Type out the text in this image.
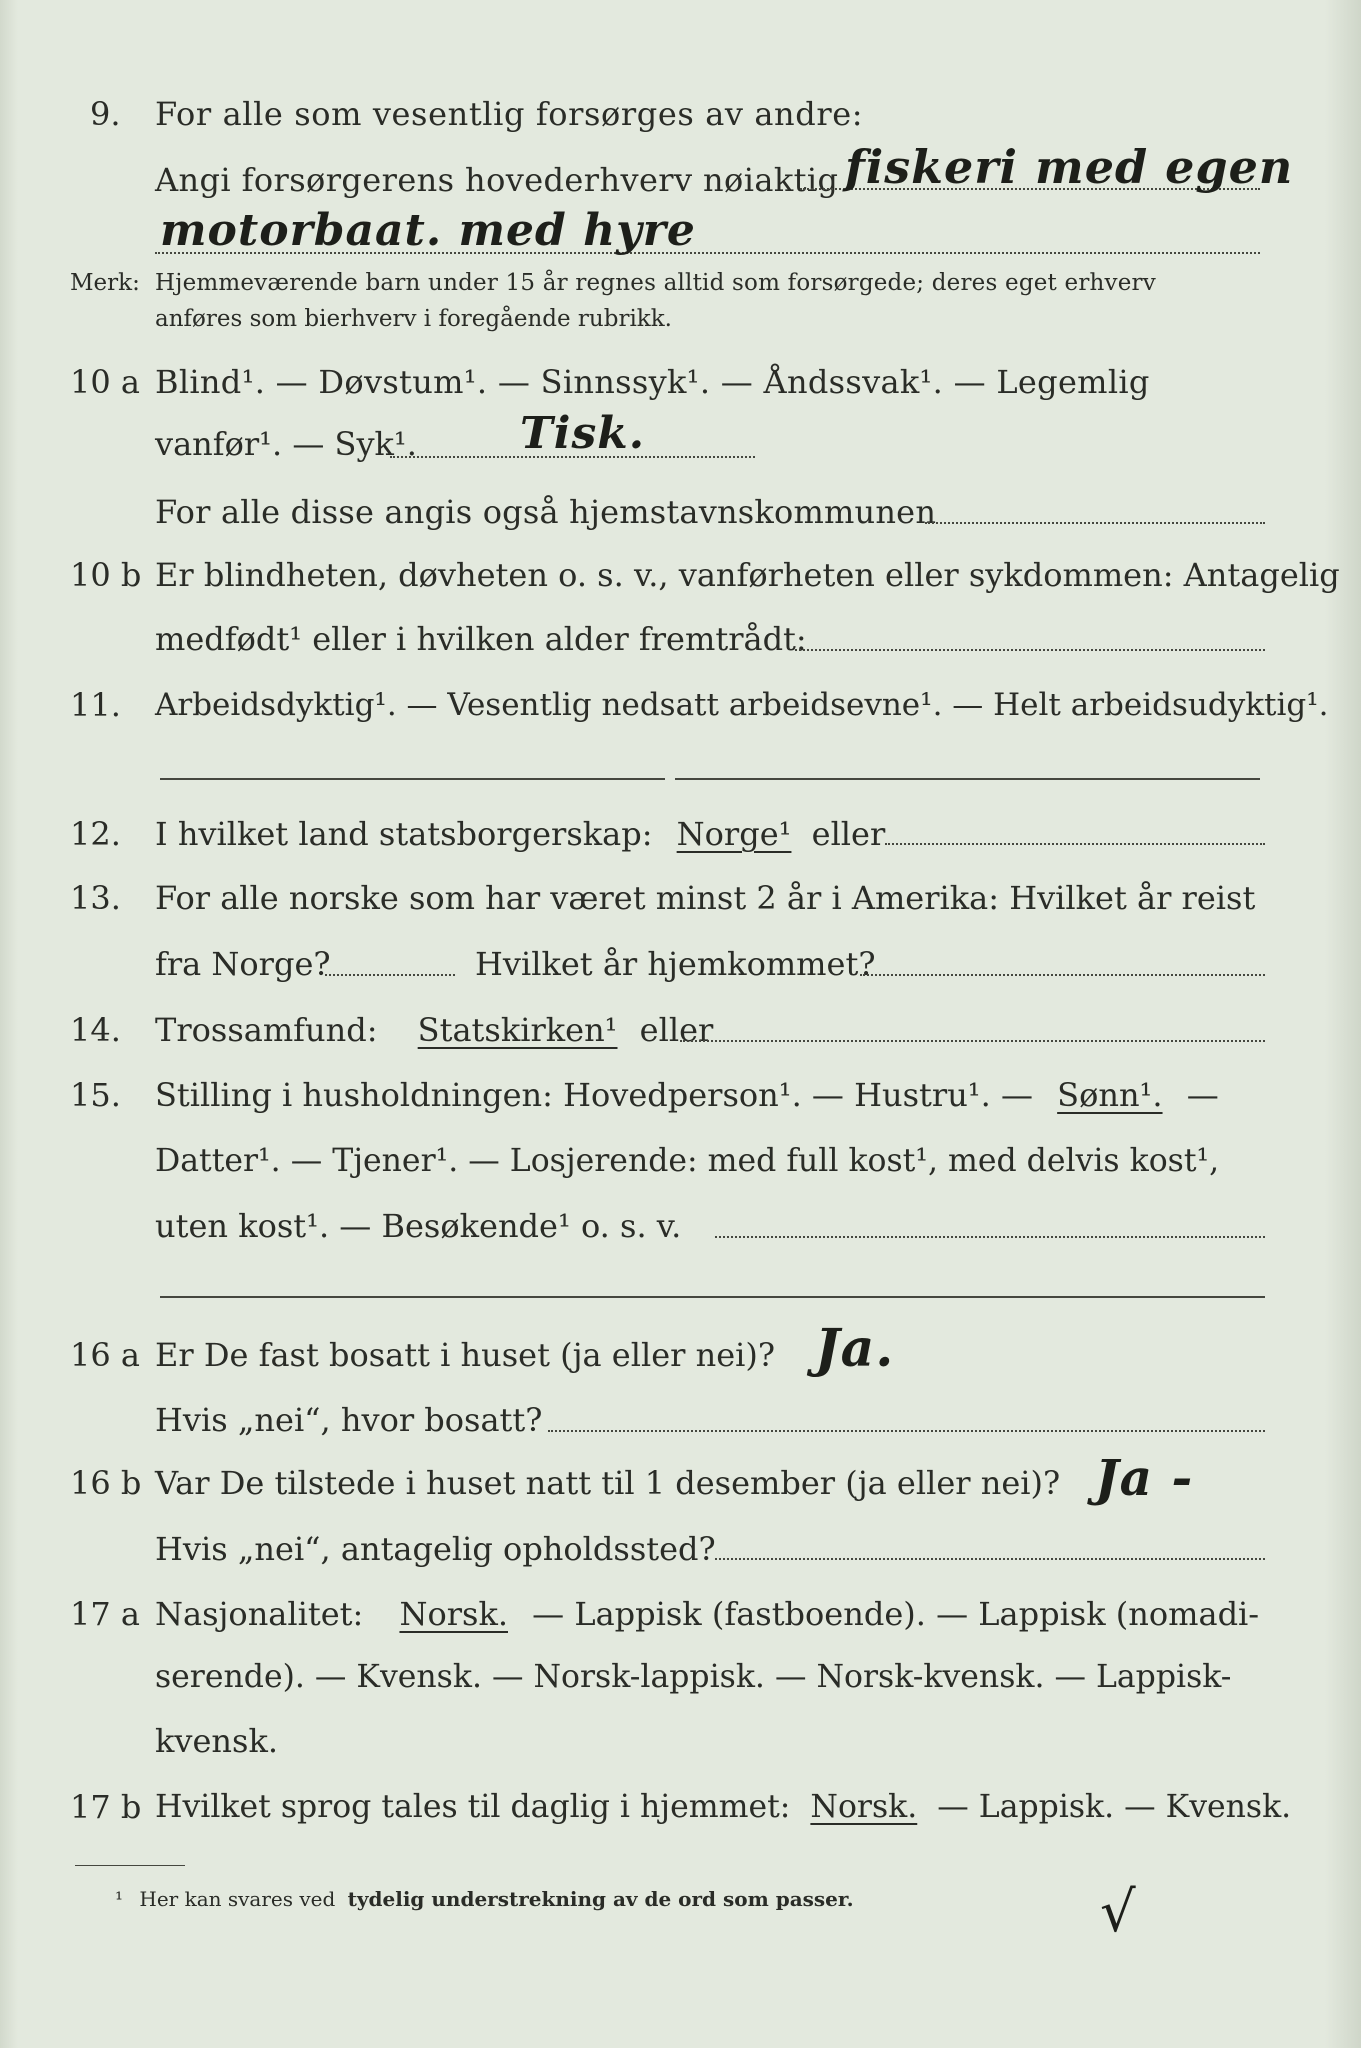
9. For alle som vesentlig forsørges av andre:
Angi forsørgerens hovederhverv nøiaktig fiskeri med egen
motorbaat. med hyre
Merk: Hjemmeværende barn under 15 år regnes alltid som forsørgede; deres eget erhverv
anføres som bierhverv i foregående rubrikk.
10 a Blind¹. — Døvstum¹. — Sinnssyk¹. — Åndssvak¹. — Legemlig
vanfør¹. — Syk¹. Tisk.
For alle disse angis også hjemstavnskommunen
10 b Er blindheten, døvheten o. s. v., vanførheten eller sykdommen: Antagelig
medfødt¹ eller i hvilken alder fremtrådt:
11. Arbeidsdyktig¹. — Vesentlig nedsatt arbeidsevne¹. — Helt arbeidsudyktig¹.
12. I hvilket land statsborgerskap: Norge¹ eller
13. For alle norske som har været minst 2 år i Amerika: Hvilket år reist
fra Norge?	Hvilket år hjemkommet?
14. Trossamfund: Statskirken¹ eller
15. Stilling i husholdningen: Hovedperson¹. — Hustru¹. — Sønn¹. —
Datter¹. — Tjener¹. — Losjerende: med full kost¹, med delvis kost¹,
uten kost¹. — Besøkende¹ o. s. v.
16 a Er De fast bosatt i huset (ja eller nei)? Ja.
Hvis „nei“, hvor bosatt?
16 b Var De tilstede i huset natt til 1 desember (ja eller nei)? Ja -
Hvis „nei“, antagelig opholdssted?
17 a Nasjonalitet: Norsk. — Lappisk (fastboende). — Lappisk (nomadi-
serende). — Kvensk. — Norsk-lappisk. — Norsk-kvensk. — Lappisk-
kvensk.
17 b Hvilket sprog tales til daglig i hjemmet: Norsk. — Lappisk. — Kvensk.
¹ Her kan svares ved tydelig understrekning av de ord som passer.	√
